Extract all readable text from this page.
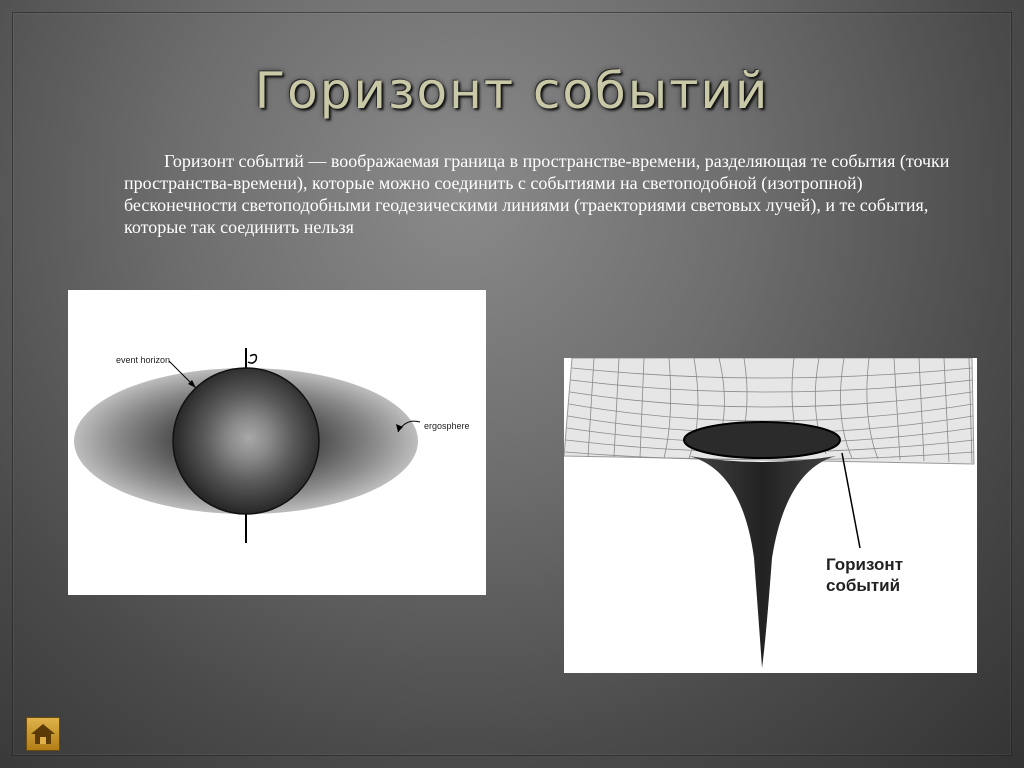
Горизонт событий

Горизонт событий — воображаемая граница в пространстве-времени, разделяющая те события (точки пространства-времени), которые можно соединить с событиями на светоподобной (изотропной) бесконечности светоподобными геодезическими линиями (траекториями световых лучей), и те события, которые так соединить нельзя

event horizon
ergosphere
Горизонт
событий
